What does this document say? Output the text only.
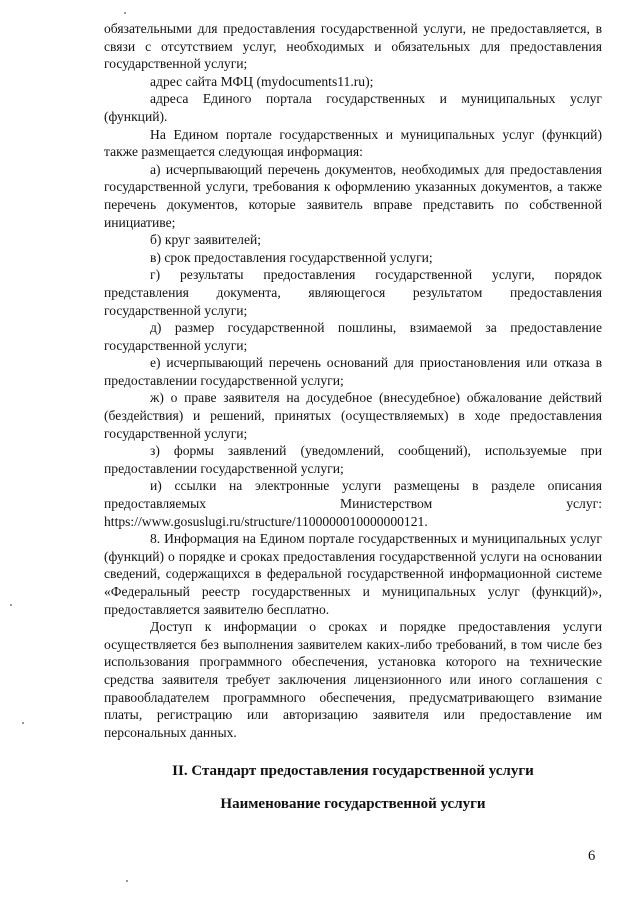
обязательными для предоставления государственной услуги, не предоставляется, в связи с отсутствием услуг, необходимых и обязательных для предоставления государственной услуги;

адрес сайта МФЦ (mydocuments11.ru);

адреса Единого портала государственных и муниципальных услуг (функций).

На Едином портале государственных и муниципальных услуг (функций) также размещается следующая информация:

а) исчерпывающий перечень документов, необходимых для предоставления государственной услуги, требования к оформлению указанных документов, а также перечень документов, которые заявитель вправе представить по собственной инициативе;

б) круг заявителей;

в) срок предоставления государственной услуги;

г) результаты предоставления государственной услуги, порядок представления документа, являющегося результатом предоставления государственной услуги;

д) размер государственной пошлины, взимаемой за предоставление государственной услуги;

е) исчерпывающий перечень оснований для приостановления или отказа в предоставлении государственной услуги;

ж) о праве заявителя на досудебное (внесудебное) обжалование действий (бездействия) и решений, принятых (осуществляемых) в ходе предоставления государственной услуги;

з) формы заявлений (уведомлений, сообщений), используемые при предоставлении государственной услуги;

и) ссылки на электронные услуги размещены в разделе описания предоставляемых Министерством услуг: https://www.gosuslugi.ru/structure/1100000010000000121.

8. Информация на Едином портале государственных и муниципальных услуг (функций) о порядке и сроках предоставления государственной услуги на основании сведений, содержащихся в федеральной государственной информационной системе «Федеральный реестр государственных и муниципальных услуг (функций)», предоставляется заявителю бесплатно.

Доступ к информации о сроках и порядке предоставления услуги осуществляется без выполнения заявителем каких-либо требований, в том числе без использования программного обеспечения, установка которого на технические средства заявителя требует заключения лицензионного или иного соглашения с правообладателем программного обеспечения, предусматривающего взимание платы, регистрацию или авторизацию заявителя или предоставление им персональных данных.

II. Стандарт предоставления государственной услуги
Наименование государственной услуги
6
